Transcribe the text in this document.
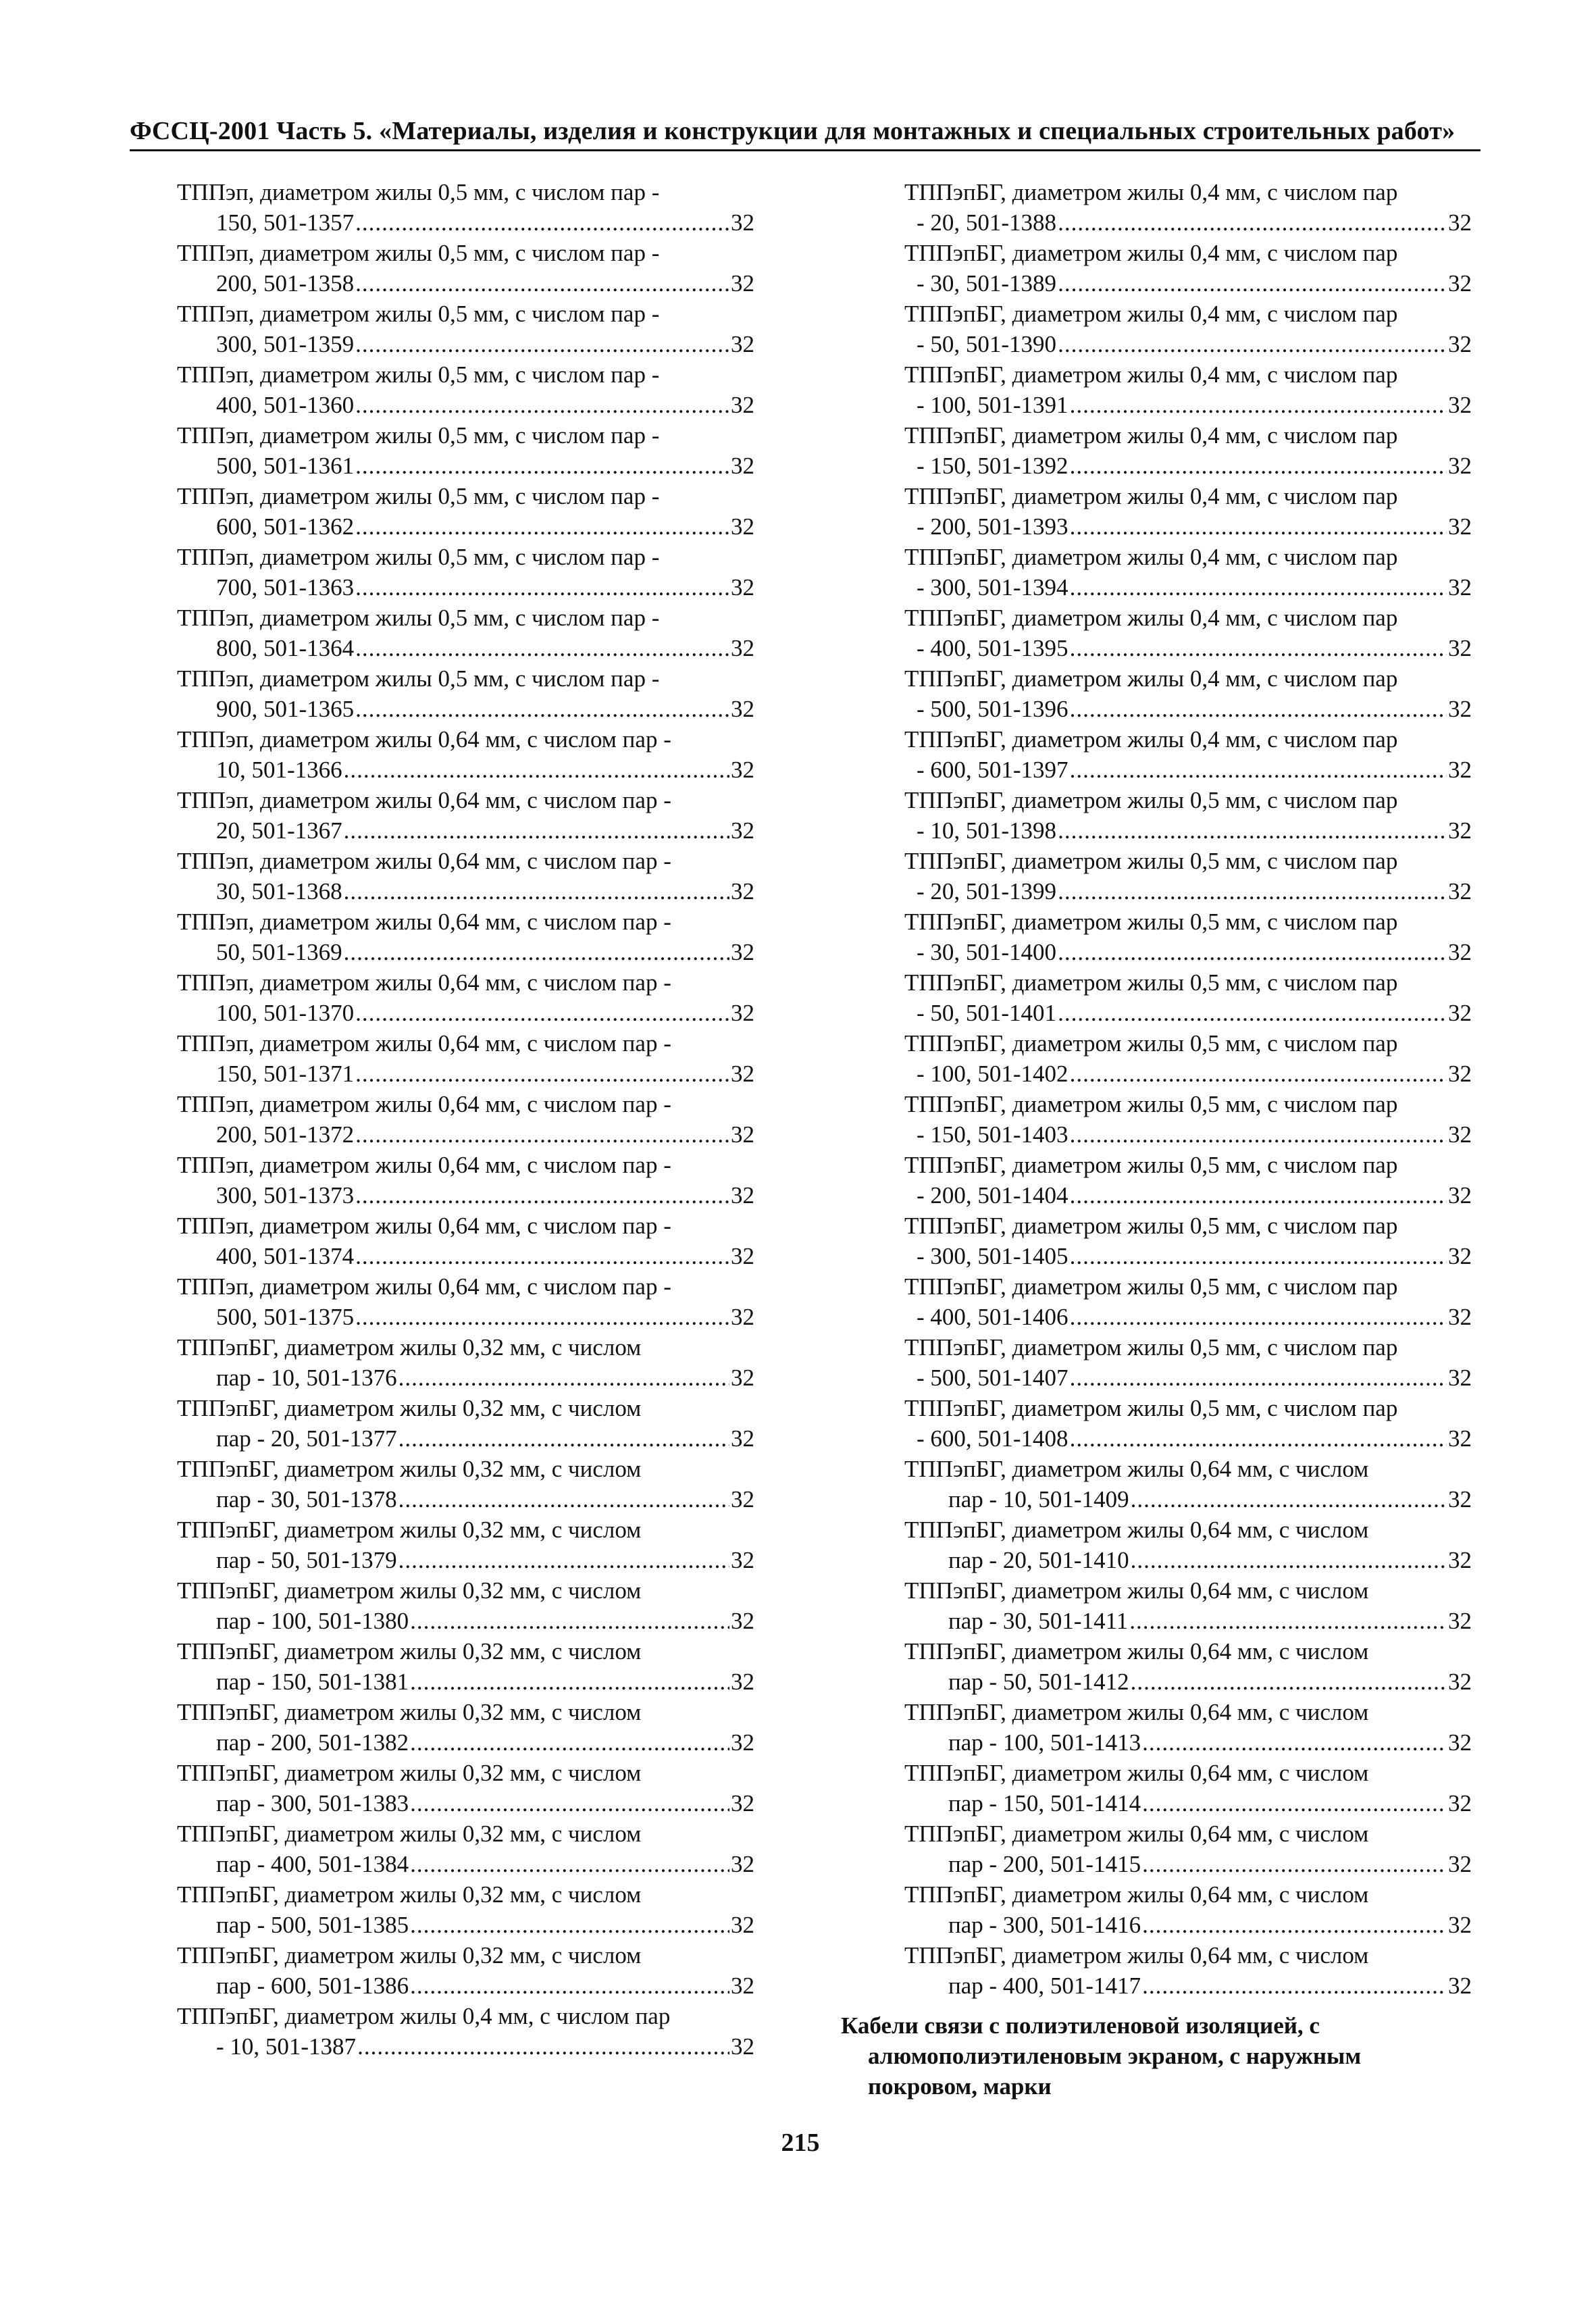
ФССЦ-2001 Часть 5. «Материалы, изделия и конструкции для монтажных и специальных строительных работ»
ТППэп, диаметром жилы 0,5 мм, с числом пар -
150, 501-1357 .....	32
ТППэп, диаметром жилы 0,5 мм, с числом пар -
200, 501-1358 .....	32
ТППэп, диаметром жилы 0,5 мм, с числом пар -
300, 501-1359 .....	32
ТППэп, диаметром жилы 0,5 мм, с числом пар -
400, 501-1360 .....	32
ТППэп, диаметром жилы 0,5 мм, с числом пар -
500, 501-1361 .....	32
ТППэп, диаметром жилы 0,5 мм, с числом пар -
600, 501-1362 .....	32
ТППэп, диаметром жилы 0,5 мм, с числом пар -
700, 501-1363 .....	32
ТППэп, диаметром жилы 0,5 мм, с числом пар -
800, 501-1364 .....	32
ТППэп, диаметром жилы 0,5 мм, с числом пар -
900, 501-1365 .....	32
ТППэп, диаметром жилы 0,64 мм, с числом пар -
10, 501-1366 .....	32
ТППэп, диаметром жилы 0,64 мм, с числом пар -
20, 501-1367 .....	32
ТППэп, диаметром жилы 0,64 мм, с числом пар -
30, 501-1368 .....	32
ТППэп, диаметром жилы 0,64 мм, с числом пар -
50, 501-1369 .....	32
ТППэп, диаметром жилы 0,64 мм, с числом пар -
100, 501-1370 .....	32
ТППэп, диаметром жилы 0,64 мм, с числом пар -
150, 501-1371 .....	32
ТППэп, диаметром жилы 0,64 мм, с числом пар -
200, 501-1372 .....	32
ТППэп, диаметром жилы 0,64 мм, с числом пар -
300, 501-1373 .....	32
ТППэп, диаметром жилы 0,64 мм, с числом пар -
400, 501-1374 .....	32
ТППэп, диаметром жилы 0,64 мм, с числом пар -
500, 501-1375 .....	32
ТППэпБГ, диаметром жилы 0,32 мм, с числом
пар - 10, 501-1376 .....	32
ТППэпБГ, диаметром жилы 0,32 мм, с числом
пар - 20, 501-1377 .....	32
ТППэпБГ, диаметром жилы 0,32 мм, с числом
пар - 30, 501-1378 .....	32
ТППэпБГ, диаметром жилы 0,32 мм, с числом
пар - 50, 501-1379 .....	32
ТППэпБГ, диаметром жилы 0,32 мм, с числом
пар - 100, 501-1380 .....	32
ТППэпБГ, диаметром жилы 0,32 мм, с числом
пар - 150, 501-1381 .....	32
ТППэпБГ, диаметром жилы 0,32 мм, с числом
пар - 200, 501-1382 .....	32
ТППэпБГ, диаметром жилы 0,32 мм, с числом
пар - 300, 501-1383 .....	32
ТППэпБГ, диаметром жилы 0,32 мм, с числом
пар - 400, 501-1384 .....	32
ТППэпБГ, диаметром жилы 0,32 мм, с числом
пар - 500, 501-1385 .....	32
ТППэпБГ, диаметром жилы 0,32 мм, с числом
пар - 600, 501-1386 .....	32
ТППэпБГ, диаметром жилы 0,4 мм, с числом пар
- 10, 501-1387 .....	32
ТППэпБГ, диаметром жилы 0,4 мм, с числом пар
- 20, 501-1388 .....	32
ТППэпБГ, диаметром жилы 0,4 мм, с числом пар
- 30, 501-1389 .....	32
ТППэпБГ, диаметром жилы 0,4 мм, с числом пар
- 50, 501-1390 .....	32
ТППэпБГ, диаметром жилы 0,4 мм, с числом пар
- 100, 501-1391 .....	32
ТППэпБГ, диаметром жилы 0,4 мм, с числом пар
- 150, 501-1392 .....	32
ТППэпБГ, диаметром жилы 0,4 мм, с числом пар
- 200, 501-1393 .....	32
ТППэпБГ, диаметром жилы 0,4 мм, с числом пар
- 300, 501-1394 .....	32
ТППэпБГ, диаметром жилы 0,4 мм, с числом пар
- 400, 501-1395 .....	32
ТППэпБГ, диаметром жилы 0,4 мм, с числом пар
- 500, 501-1396 .....	32
ТППэпБГ, диаметром жилы 0,4 мм, с числом пар
- 600, 501-1397 .....	32
ТППэпБГ, диаметром жилы 0,5 мм, с числом пар
- 10, 501-1398 .....	32
ТППэпБГ, диаметром жилы 0,5 мм, с числом пар
- 20, 501-1399 .....	32
ТППэпБГ, диаметром жилы 0,5 мм, с числом пар
- 30, 501-1400 .....	32
ТППэпБГ, диаметром жилы 0,5 мм, с числом пар
- 50, 501-1401 .....	32
ТППэпБГ, диаметром жилы 0,5 мм, с числом пар
- 100, 501-1402 .....	32
ТППэпБГ, диаметром жилы 0,5 мм, с числом пар
- 150, 501-1403 .....	32
ТППэпБГ, диаметром жилы 0,5 мм, с числом пар
- 200, 501-1404 .....	32
ТППэпБГ, диаметром жилы 0,5 мм, с числом пар
- 300, 501-1405 .....	32
ТППэпБГ, диаметром жилы 0,5 мм, с числом пар
- 400, 501-1406 .....	32
ТППэпБГ, диаметром жилы 0,5 мм, с числом пар
- 500, 501-1407 .....	32
ТППэпБГ, диаметром жилы 0,5 мм, с числом пар
- 600, 501-1408 .....	32
ТППэпБГ, диаметром жилы 0,64 мм, с числом
пар - 10, 501-1409 .....	32
ТППэпБГ, диаметром жилы 0,64 мм, с числом
пар - 20, 501-1410 .....	32
ТППэпБГ, диаметром жилы 0,64 мм, с числом
пар - 30, 501-1411 .....	32
ТППэпБГ, диаметром жилы 0,64 мм, с числом
пар - 50, 501-1412 .....	32
ТППэпБГ, диаметром жилы 0,64 мм, с числом
пар - 100, 501-1413 .....	32
ТППэпБГ, диаметром жилы 0,64 мм, с числом
пар - 150, 501-1414 .....	32
ТППэпБГ, диаметром жилы 0,64 мм, с числом
пар - 200, 501-1415 .....	32
ТППэпБГ, диаметром жилы 0,64 мм, с числом
пар - 300, 501-1416 .....	32
ТППэпБГ, диаметром жилы 0,64 мм, с числом
пар - 400, 501-1417 .....	32
Кабели связи с полиэтиленовой изоляцией, с
алюмополиэтиленовым экраном, с наружным
покровом, марки
215
